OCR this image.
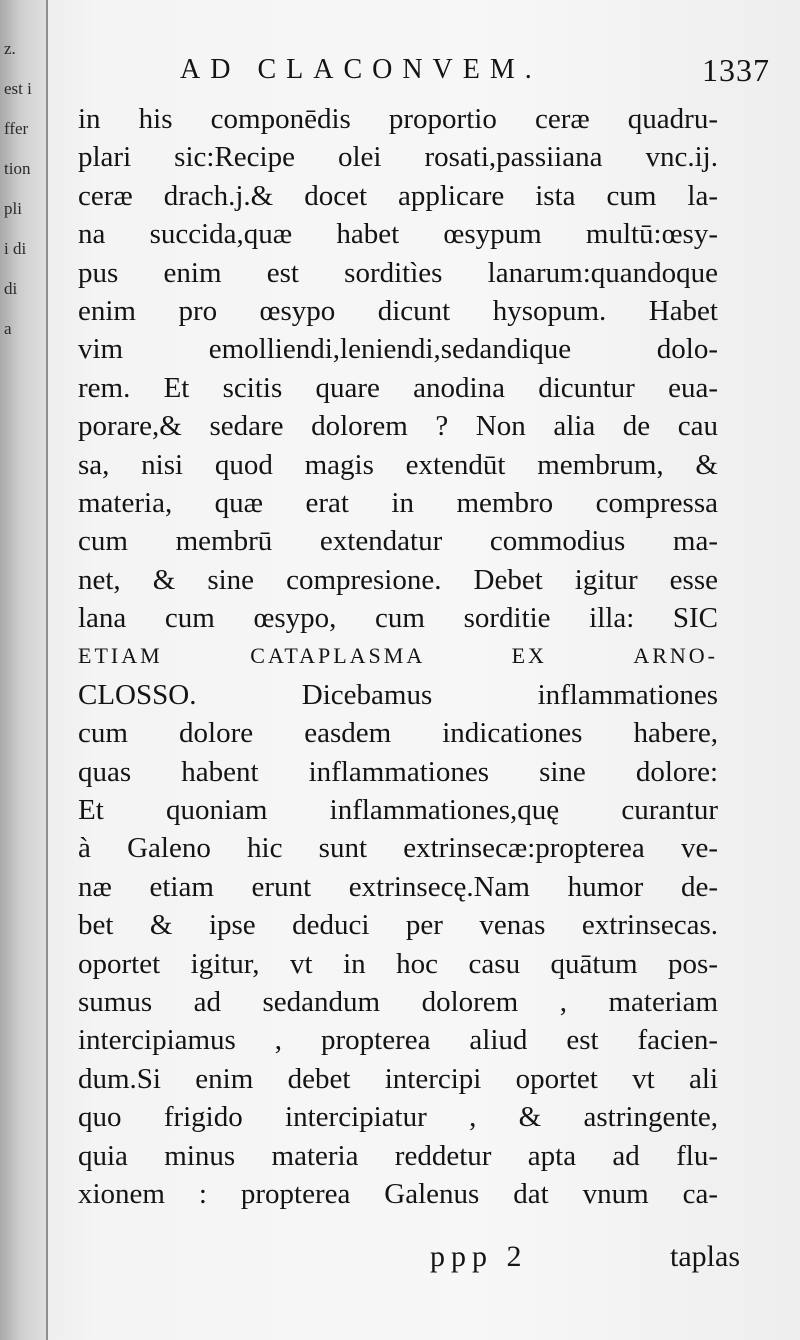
z.
est i
ffer
tion
pli
i di
di
a
AD CLACONVEM.	1337
in his componēdis proportio ceræ quadru-
plari sic:Recipe olei rosati,passiiana vnc.ij.
ceræ drach.j.& docet applicare ista cum la-
na succida,quæ habet œsypum multū:œsy-
pus enim est sorditìes lanarum:quandoque
enim pro œsypo dicunt hysopum. Habet
vim emolliendi,leniendi,sedandique dolo-
rem. Et scitis quare anodina dicuntur eua-
porare,& sedare dolorem ? Non alia de cau
sa, nisi quod magis extendūt membrum, &
materia, quæ erat in membro compressa
cum membrū extendatur commodius ma-
net, & sine compresione. Debet igitur esse
lana cum œsypo, cum sorditie illa: SIC
ETIAM CATAPLASMA EX ARNO-
CLOSSO. Dicebamus inflammationes
cum dolore easdem indicationes habere,
quas habent inflammationes sine dolore:
Et quoniam inflammationes,quę curantur
à Galeno hic sunt extrinsecæ:propterea ve-
næ etiam erunt extrinsecę.Nam humor de-
bet & ipse deduci per venas extrinsecas.
oportet igitur, vt in hoc casu quātum pos-
sumus ad sedandum dolorem , materiam
intercipiamus , propterea aliud est facien-
dum.Si enim debet intercipi oportet vt ali
quo frigido intercipiatur , & astringente,
quia minus materia reddetur apta ad flu-
xionem : propterea Galenus dat vnum ca-
ppp 2	taplas
